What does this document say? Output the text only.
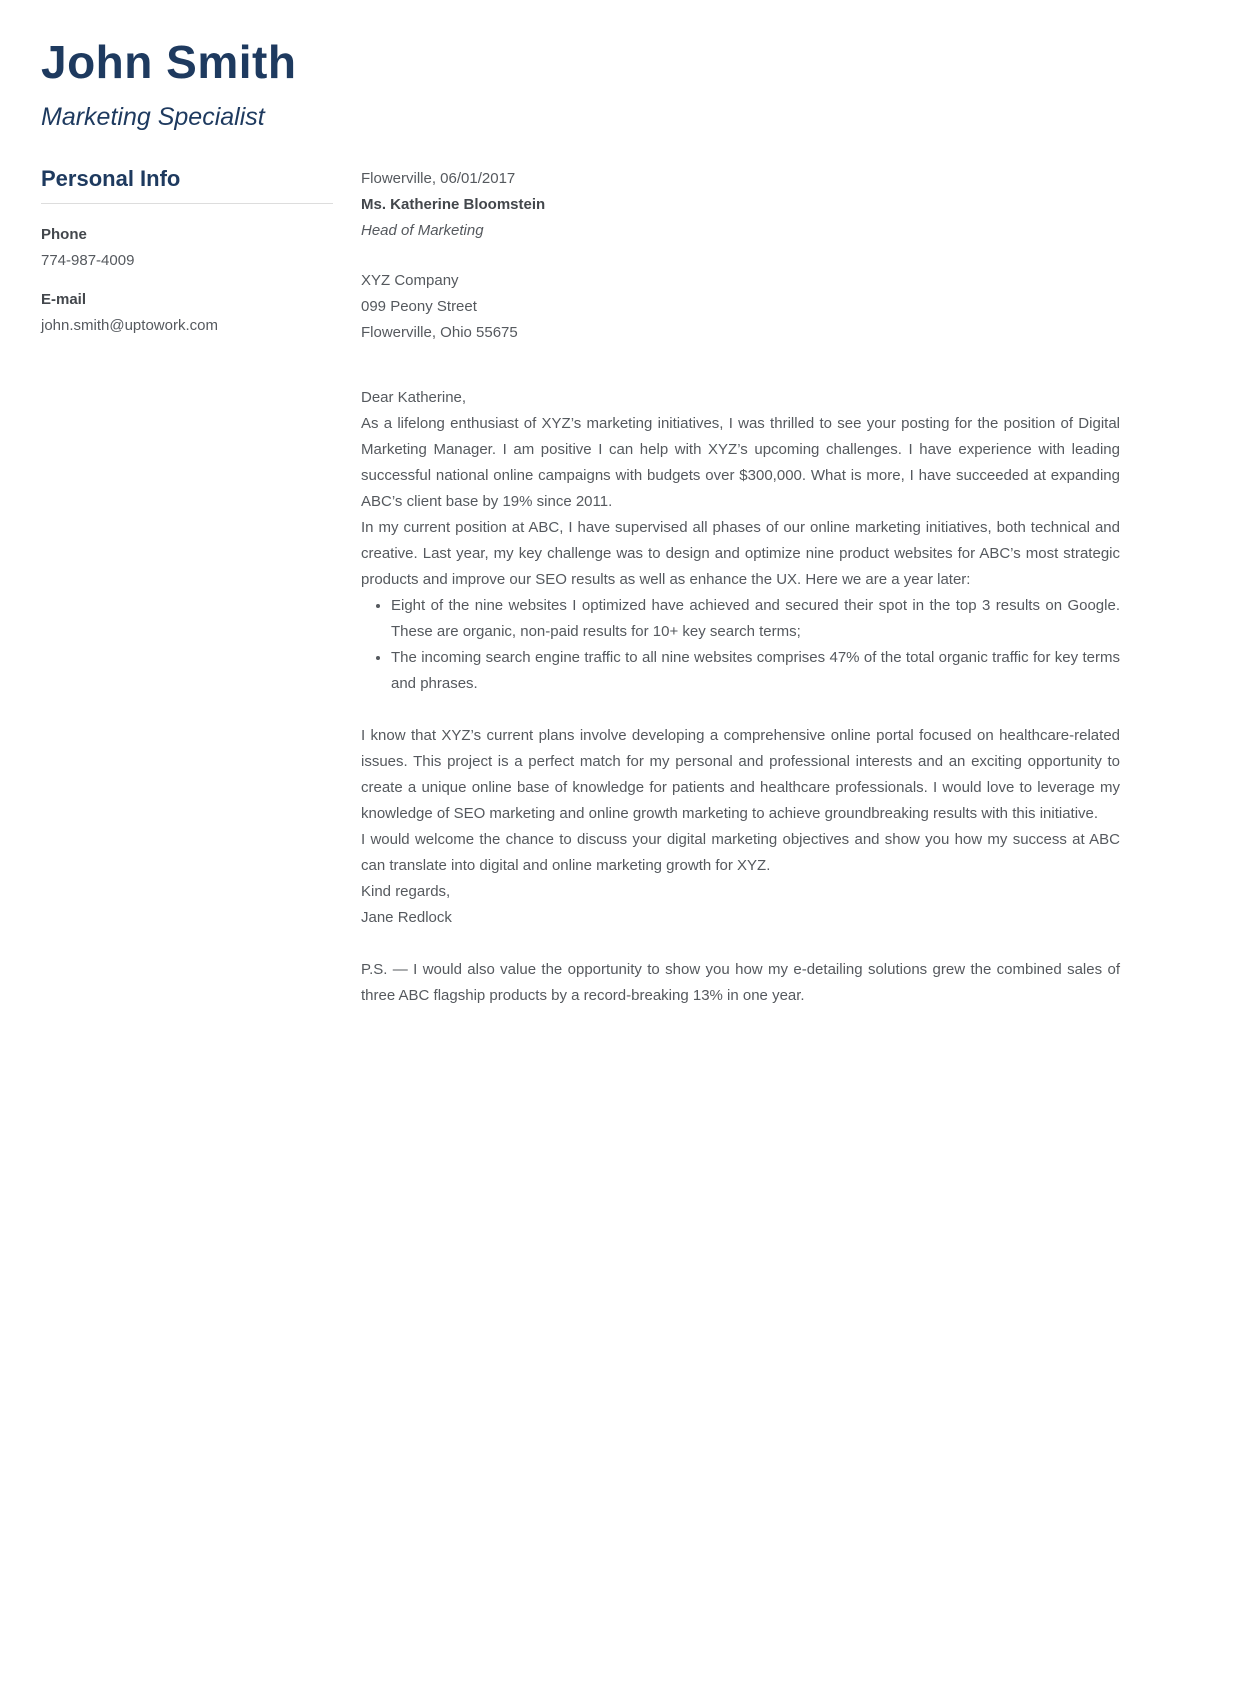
John Smith
Marketing Specialist
Personal Info
Phone
774-987-4009
E-mail
john.smith@uptowork.com

Flowerville, 06/01/2017

Ms. Katherine Bloomstein

Head of Marketing

XYZ Company

099 Peony Street

Flowerville, Ohio 55675

Dear Katherine,

As a lifelong enthusiast of XYZ’s marketing initiatives, I was thrilled to see your posting for the position of Digital Marketing Manager. I am positive I can help with XYZ’s upcoming challenges. I have experience with leading successful national online campaigns with budgets over $300,000. What is more, I have succeeded at expanding ABC’s client base by 19% since 2011.

In my current position at ABC, I have supervised all phases of our online marketing initiatives, both technical and creative. Last year, my key challenge was to design and optimize nine product websites for ABC’s most strategic products and improve our SEO results as well as enhance the UX. Here we are a year later:

• Eight of the nine websites I optimized have achieved and secured their spot in the top 3 results on Google. These are organic, non-paid results for 10+ key search terms;
• The incoming search engine traffic to all nine websites comprises 47% of the total organic traffic for key terms and phrases.

I know that XYZ’s current plans involve developing a comprehensive online portal focused on healthcare-related issues. This project is a perfect match for my personal and professional interests and an exciting opportunity to create a unique online base of knowledge for patients and healthcare professionals. I would love to leverage my knowledge of SEO marketing and online growth marketing to achieve groundbreaking results with this initiative.

I would welcome the chance to discuss your digital marketing objectives and show you how my success at ABC can translate into digital and online marketing growth for XYZ.

Kind regards,

Jane Redlock

P.S. — I would also value the opportunity to show you how my e-detailing solutions grew the combined sales of three ABC flagship products by a record-breaking 13% in one year.
